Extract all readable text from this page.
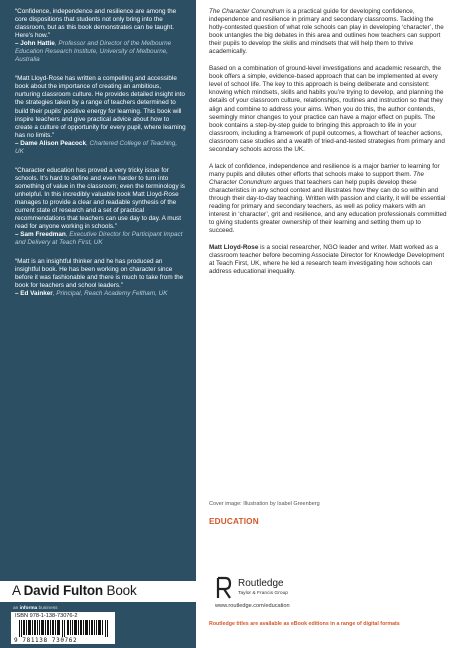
“Confidence, independence and resilience are among the core dispositions that students not only bring into the classroom, but as this book demonstrates can be taught. Here’s how.”
– John Hattie, Professor and Director of the Melbourne Education Research Institute, University of Melbourne, Australia

“Matt Lloyd-Rose has written a compelling and accessible book about the importance of creating an ambitious, nurturing classroom culture. He provides detailed insight into the strategies taken by a range of teachers determined to build their pupils’ positive energy for learning. This book will inspire teachers and give practical advice about how to create a culture of opportunity for every pupil, where learning has no limits.”
– Dame Alison Peacock, Chartered College of Teaching, UK

“Character education has proved a very tricky issue for schools. It’s hard to define and even harder to turn into something of value in the classroom; even the terminology is unhelpful. In this incredibly valuable book Matt Lloyd-Rose manages to provide a clear and readable synthesis of the current state of research and a set of practical recommendations that teachers can use day to day. A must read for anyone working in schools.”
– Sam Freedman, Executive Director for Participant Impact and Delivery at Teach First, UK

“Matt is an insightful thinker and he has produced an insightful book. He has been working on character since before it was fashionable and there is much to take from the book for teachers and school leaders.”
– Ed Vainker, Principal, Reach Academy Feltham, UK

A David Fulton Book
an informa business
ISBN 978-1-138-73076-2
9 781138 730762

The Character Conundrum is a practical guide for developing confidence, independence and resilience in primary and secondary classrooms. Tackling the hotly-contested question of what role schools can play in developing ‘character’, the book untangles the big debates in this area and outlines how teachers can support their pupils to develop the skills and mindsets that will help them to thrive academically.

Based on a combination of ground-level investigations and academic research, the book offers a simple, evidence-based approach that can be implemented at every level of school life. The key to this approach is being deliberate and consistent: knowing which mindsets, skills and habits you’re trying to develop, and planning the details of your classroom culture, relationships, routines and instruction so that they align and combine to address your aims. When you do this, the author contends, seemingly minor changes to your practice can have a major effect on pupils. The book contains a step-by-step guide to bringing this approach to life in your classroom, including a framework of pupil outcomes, a flowchart of teacher actions, classroom case studies and a wealth of tried-and-tested strategies from primary and secondary schools across the UK.

A lack of confidence, independence and resilience is a major barrier to learning for many pupils and dilutes other efforts that schools make to support them. The Character Conundrum argues that teachers can help pupils develop these characteristics in any school context and illustrates how they can do so within and through their day-to-day teaching. Written with passion and clarity, it will be essential reading for primary and secondary teachers, as well as policy makers with an interest in ‘character’, grit and resilience, and any education professionals committed to giving students greater ownership of their learning and setting them up to succeed.

Matt Lloyd-Rose is a social researcher, NGO leader and writer. Matt worked as a classroom teacher before becoming Associate Director for Knowledge Development at Teach First, UK, where he led a research team investigating how schools can address educational inequality.

Cover image: Illustration by Isabel Greenberg
EDUCATION
Routledge
Taylor & Francis Group
www.routledge.com/education
Routledge titles are available as eBook editions in a range of digital formats
